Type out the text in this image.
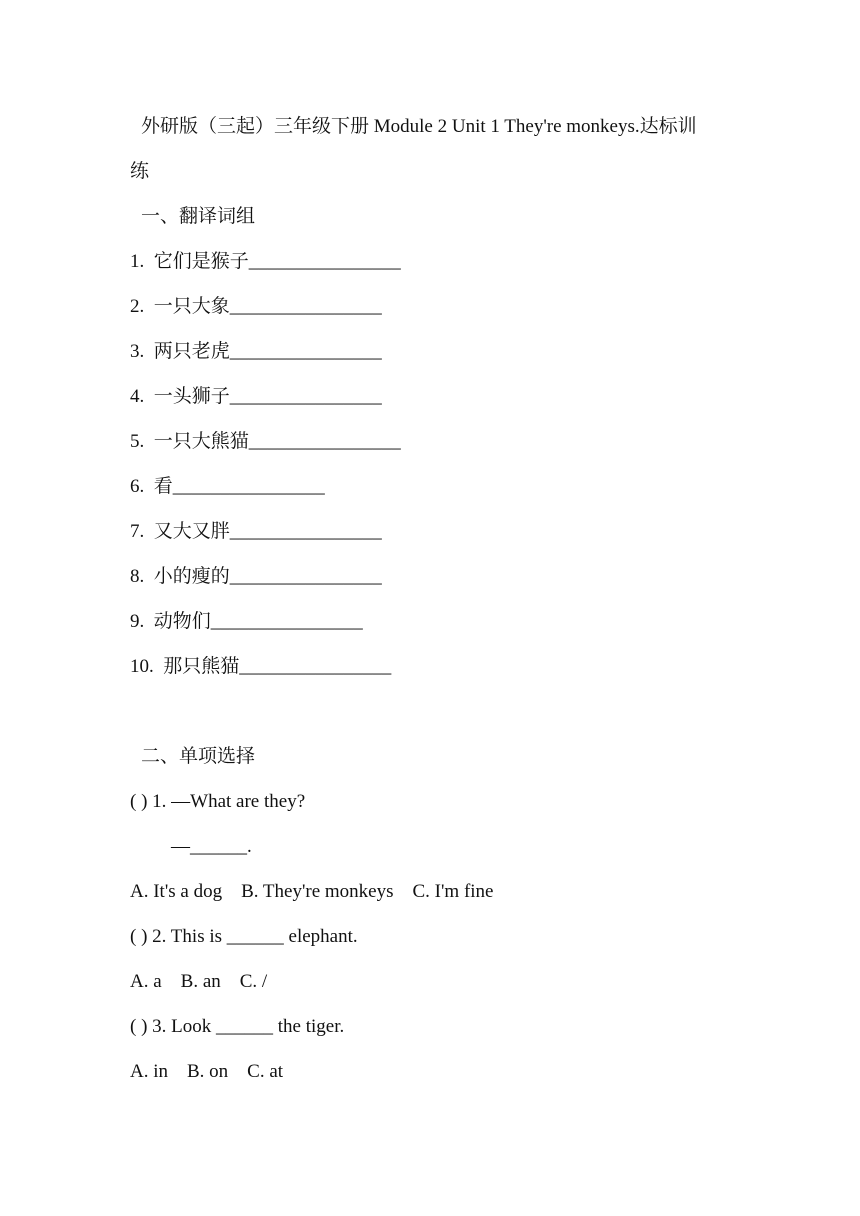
外研版（三起）三年级下册 Module 2 Unit 1 They're monkeys.达标训
练
一、翻译词组
1.  它们是猴子________________
2.  一只大象________________
3.  两只老虎________________
4.  一头狮子________________
5.  一只大熊猫________________
6.  看________________
7.  又大又胖________________
8.  小的瘦的________________
9.  动物们________________
10.  那只熊猫________________
二、单项选择
( ) 1. —What are they?
—______.
A. It's a dog    B. They're monkeys    C. I'm fine
( ) 2. This is ______ elephant.
A. a    B. an    C. /
( ) 3. Look ______ the tiger.
A. in    B. on    C. at
